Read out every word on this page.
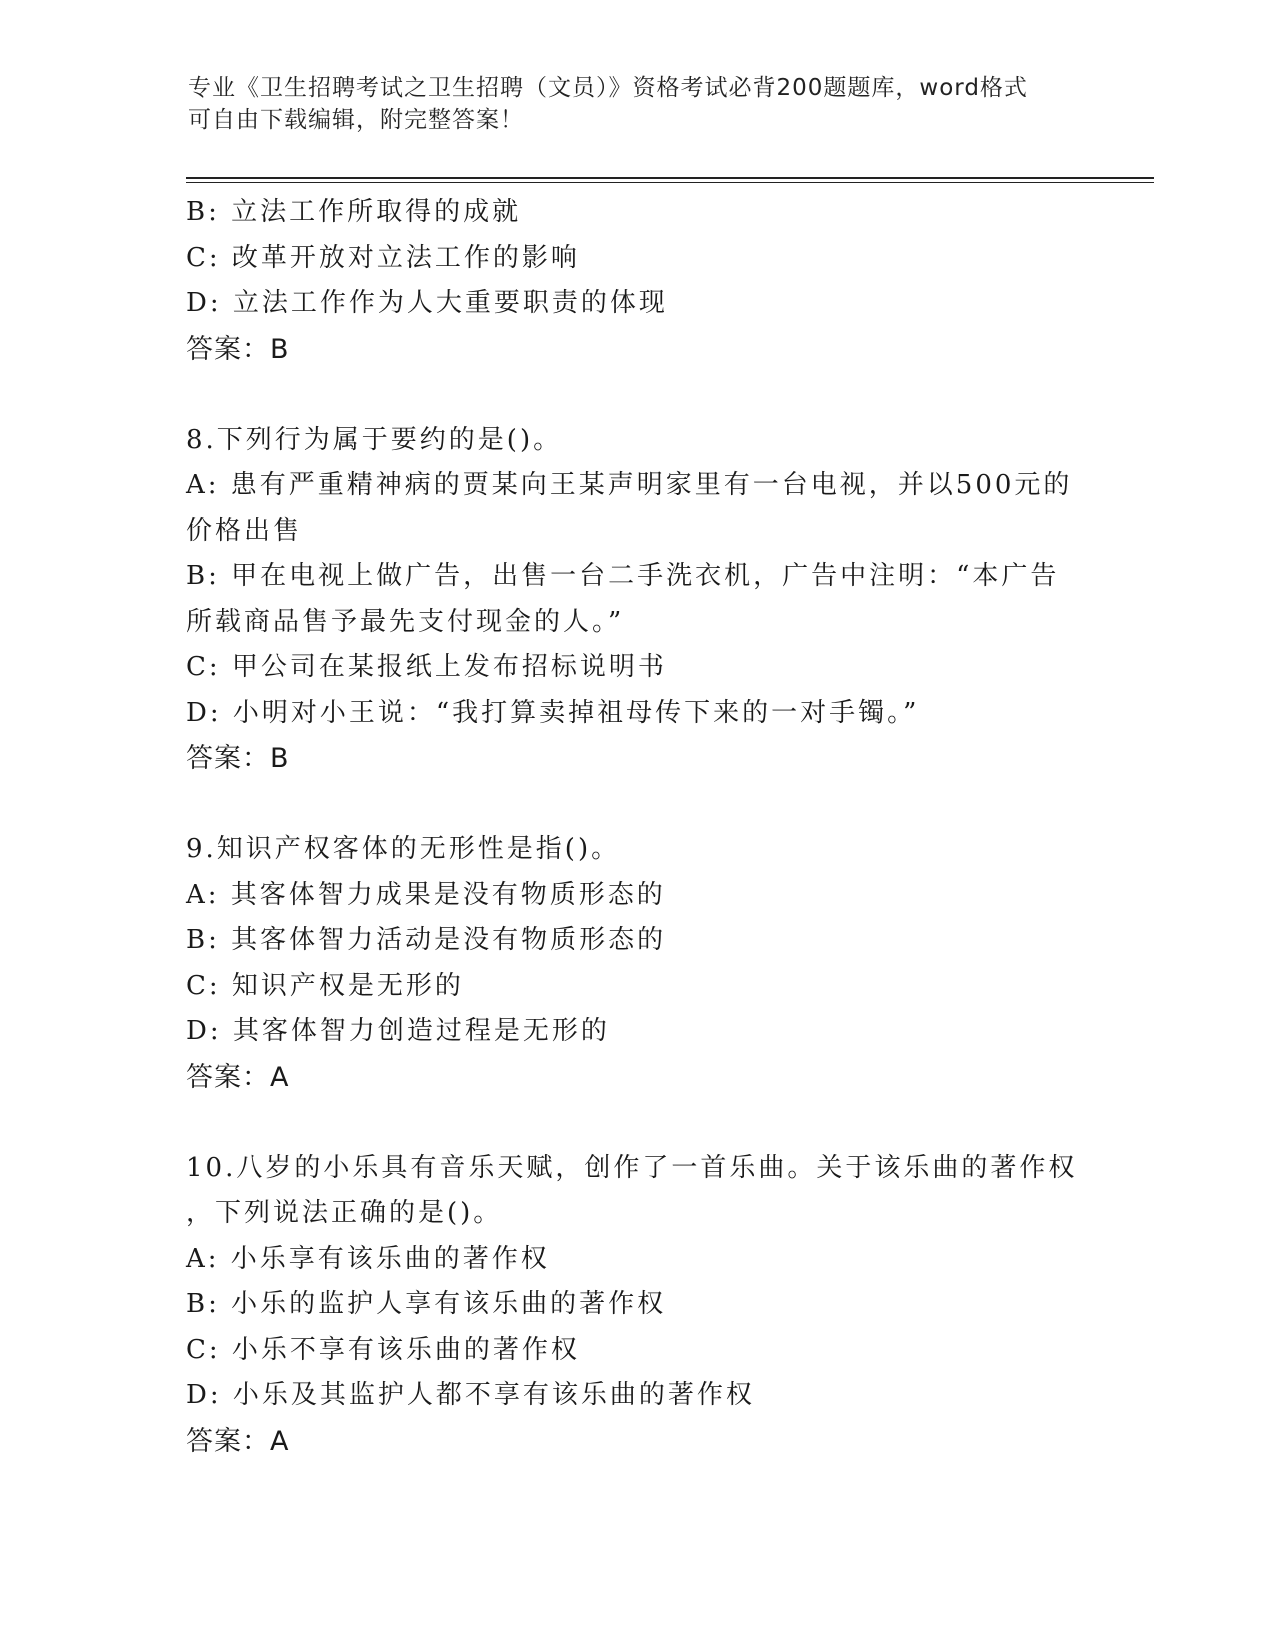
专业《卫生招聘考试之卫生招聘（文员）》资格考试必背200题题库，word格式
可自由下载编辑，附完整答案！

B: 立法工作所取得的成就

C: 改革开放对立法工作的影响

D: 立法工作作为人大重要职责的体现

答案：B

8.下列行为属于要约的是()。

A: 患有严重精神病的贾某向王某声明家里有一台电视，并以500元的

价格出售

B: 甲在电视上做广告，出售一台二手洗衣机，广告中注明：“本广告

所载商品售予最先支付现金的人。”

C: 甲公司在某报纸上发布招标说明书

D: 小明对小王说：“我打算卖掉祖母传下来的一对手镯。”

答案：B

9.知识产权客体的无形性是指()。

A: 其客体智力成果是没有物质形态的

B: 其客体智力活动是没有物质形态的

C: 知识产权是无形的

D: 其客体智力创造过程是无形的

答案：A

10.八岁的小乐具有音乐天赋，创作了一首乐曲。关于该乐曲的著作权

，下列说法正确的是()。

A: 小乐享有该乐曲的著作权

B: 小乐的监护人享有该乐曲的著作权

C: 小乐不享有该乐曲的著作权

D: 小乐及其监护人都不享有该乐曲的著作权

答案：A
